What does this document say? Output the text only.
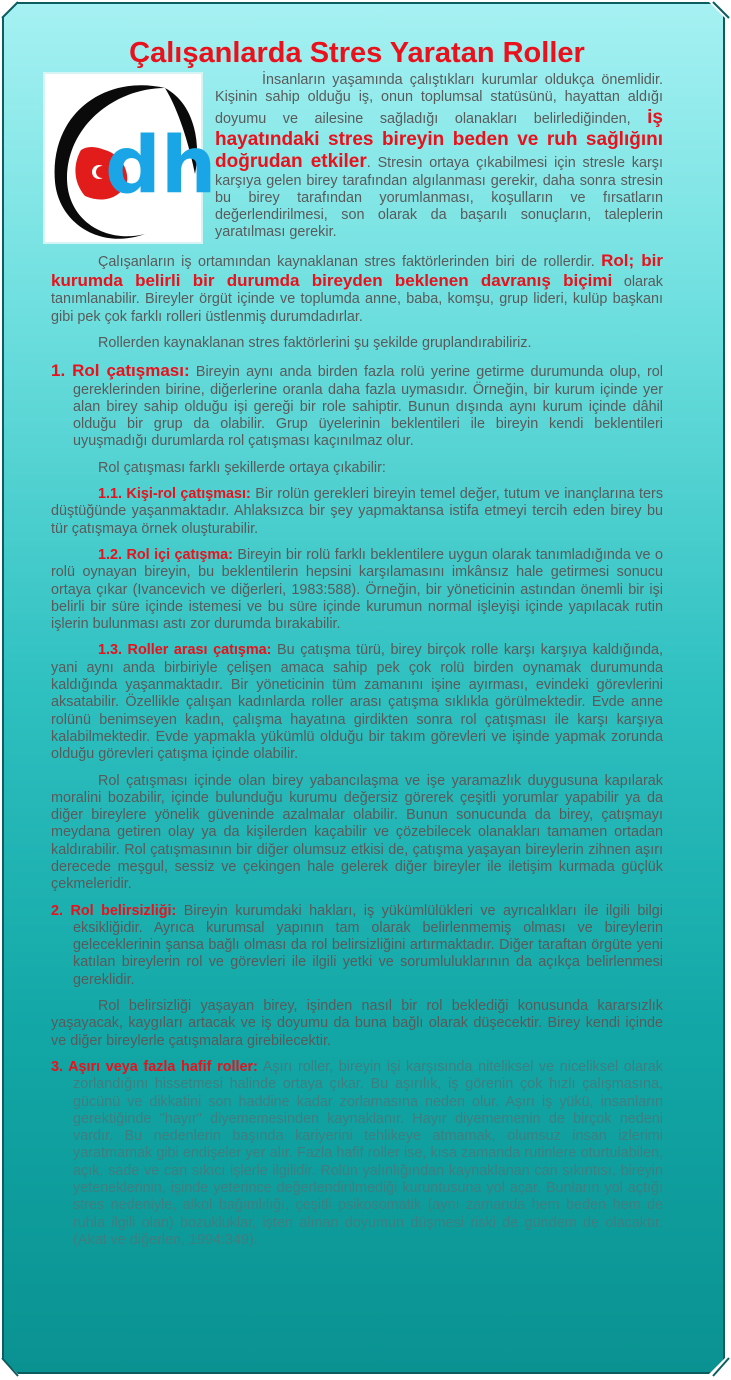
Çalışanlarda Stres Yaratan Roller
dh

İnsanların yaşamında çalıştıkları kurumlar oldukça önemlidir. Kişinin sahip olduğu iş, onun toplumsal statüsünü, hayattan aldığı doyumu ve ailesine sağladığı olanakları belirlediğinden, iş hayatındaki stres bireyin beden ve ruh sağlığını doğrudan etkiler. Stresin ortaya çıkabilmesi için stresle karşı karşıya gelen birey tarafından algılanması gerekir, daha sonra stresin bu birey tarafından yorumlanması, koşulların ve fırsatların değerlendirilmesi, son olarak da başarılı sonuçların, taleplerin yaratılması gerekir.

Çalışanların iş ortamından kaynaklanan stres faktörlerinden biri de rollerdir. Rol; bir kurumda belirli bir durumda bireyden beklenen davranış biçimi olarak tanımlanabilir. Bireyler örgüt içinde ve toplumda anne, baba, komşu, grup lideri, kulüp başkanı gibi pek çok farklı rolleri üstlenmiş durumdadırlar.

Rollerden kaynaklanan stres faktörlerini şu şekilde gruplandırabiliriz.

1. Rol çatışması: Bireyin aynı anda birden fazla rolü yerine getirme durumunda olup, rol gereklerinden birine, diğerlerine oranla daha fazla uymasıdır. Örneğin, bir kurum içinde yer alan birey sahip olduğu işi gereği bir role sahiptir. Bunun dışında aynı kurum içinde dâhil olduğu bir grup da olabilir. Grup üyelerinin beklentileri ile bireyin kendi beklentileri uyuşmadığı durumlarda rol çatışması kaçınılmaz olur.

Rol çatışması farklı şekillerde ortaya çıkabilir:

1.1. Kişi-rol çatışması: Bir rolün gerekleri bireyin temel değer, tutum ve inançlarına ters düştüğünde yaşanmaktadır. Ahlaksızca bir şey yapmaktansa istifa etmeyi tercih eden birey bu tür çatışmaya örnek oluşturabilir.

1.2. Rol içi çatışma: Bireyin bir rolü farklı beklentilere uygun olarak tanımladığında ve o rolü oynayan bireyin, bu beklentilerin hepsini karşılamasını imkânsız hale getirmesi sonucu ortaya çıkar (Ivancevich ve diğerleri, 1983:588). Örneğin, bir yöneticinin astından önemli bir işi belirli bir süre içinde istemesi ve bu süre içinde kurumun normal işleyişi içinde yapılacak rutin işlerin bulunması astı zor durumda bırakabilir.

1.3. Roller arası çatışma: Bu çatışma türü, birey birçok rolle karşı karşıya kaldığında, yani aynı anda birbiriyle çelişen amaca sahip pek çok rolü birden oynamak durumunda kaldığında yaşanmaktadır. Bir yöneticinin tüm zamanını işine ayırması, evindeki görevlerini aksatabilir. Özellikle çalışan kadınlarda roller arası çatışma sıklıkla görülmektedir. Evde anne rolünü benimseyen kadın, çalışma hayatına girdikten sonra rol çatışması ile karşı karşıya kalabilmektedir. Evde yapmakla yükümlü olduğu bir takım görevleri ve işinde yapmak zorunda olduğu görevleri çatışma içinde olabilir.

Rol çatışması içinde olan birey yabancılaşma ve işe yaramazlık duygusuna kapılarak moralini bozabilir, içinde bulunduğu kurumu değersiz görerek çeşitli yorumlar yapabilir ya da diğer bireylere yönelik güveninde azalmalar olabilir. Bunun sonucunda da birey, çatışmayı meydana getiren olay ya da kişilerden kaçabilir ve çözebilecek olanakları tamamen ortadan kaldırabilir. Rol çatışmasının bir diğer olumsuz etkisi de, çatışma yaşayan bireylerin zihnen aşırı derecede meşgul, sessiz ve çekingen hale gelerek diğer bireyler ile iletişim kurmada güçlük çekmeleridir.

2. Rol belirsizliği: Bireyin kurumdaki hakları, iş yükümlülükleri ve ayrıcalıkları ile ilgili bilgi eksikliğidir. Ayrıca kurumsal yapının tam olarak belirlenmemiş olması ve bireylerin geleceklerinin şansa bağlı olması da rol belirsizliğini artırmaktadır. Diğer taraftan örgüte yeni katılan bireylerin rol ve görevleri ile ilgili yetki ve sorumluluklarının da açıkça belirlenmesi gereklidir.

Rol belirsizliği yaşayan birey, işinden nasıl bir rol beklediği konusunda kararsızlık yaşayacak, kaygıları artacak ve iş doyumu da buna bağlı olarak düşecektir. Birey kendi içinde ve diğer bireylerle çatışmalara girebilecektir.

3. Aşırı veya fazla hafif roller: Aşırı roller, bireyin işi karşısında niteliksel ve niceliksel olarak zorlandığını hissetmesi halinde ortaya çıkar. Bu aşırılık, iş görenin çok hızlı çalışmasına, gücünü ve dikkatini son haddine kadar zorlamasına neden olur. Aşırı iş yükü, insanların gerektiğinde "hayır" diyememesinden kaynaklanır. Hayır diyememenin de birçok nedeni vardır. Bu nedenlerin başında kariyerini tehlikeye atmamak, olumsuz insan izlerimi yaratmamak gibi endişeler yer alır. Fazla hafif roller ise, kısa zamanda rutinlere oturtulabilen, açık, sade ve can sıkıcı işlerle ilgilidir. Rolün yalınlığından kaynaklanan can sıkıntısı, bireyin yeteneklerinin, işinde yeterince değerlendirilmediği kuruntusuna yol açar. Bunların yol açtığı stres nedeniyle, alkol bağımlılığı, çeşitli psikosomatik (aynı zamanda hem beden hem de ruhla ilgili olan) bozukluklar, işten alınan doyumun düşmesi riski de gündem de olacaktır. (Akat ve diğerleri, 1994:349).
